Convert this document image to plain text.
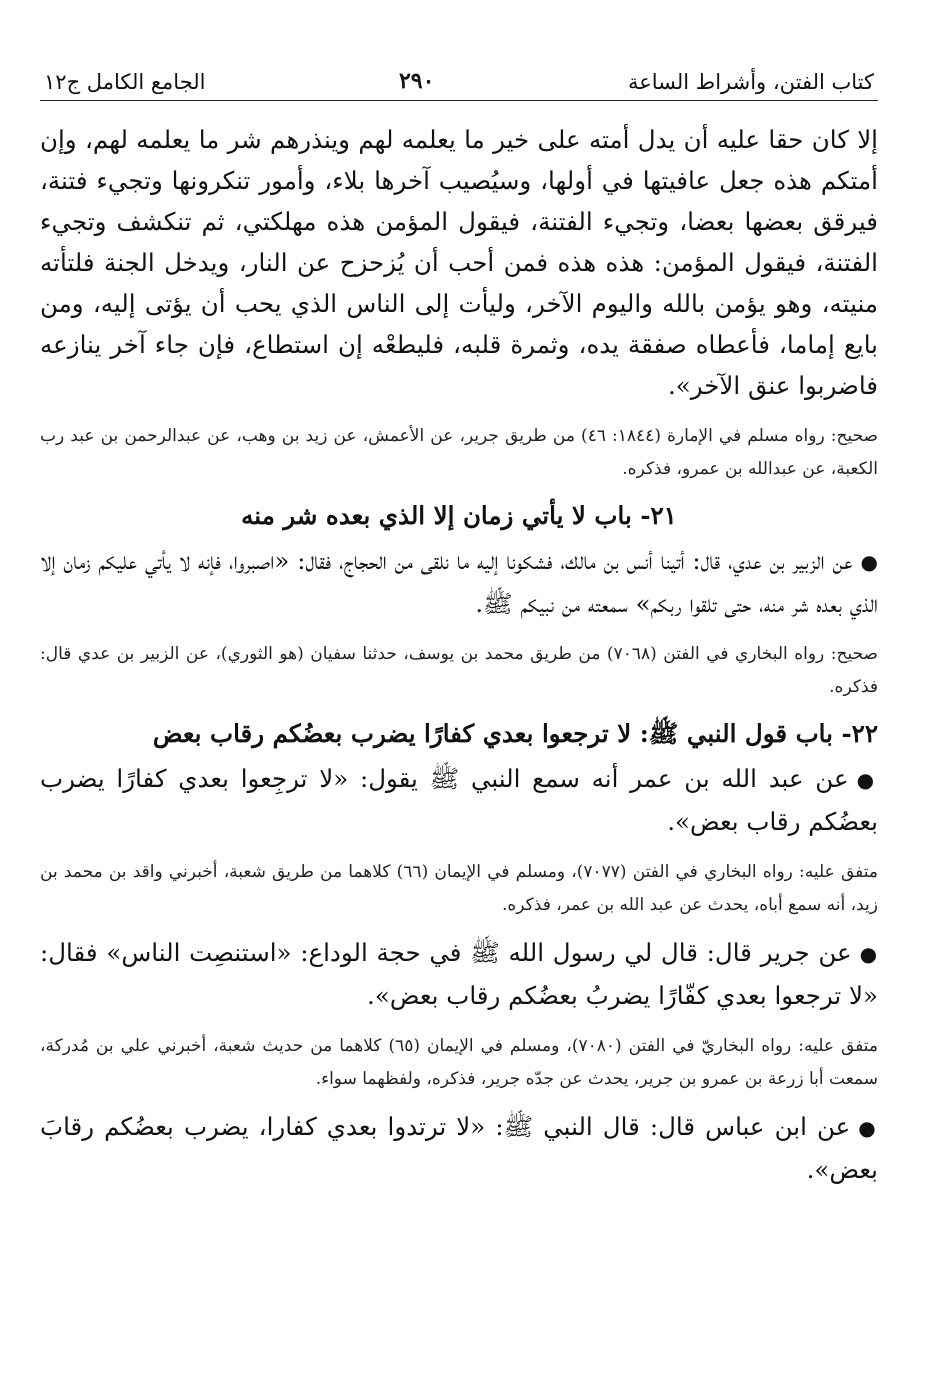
كتاب الفتن، وأشراط الساعة
٢٩٠
الجامع الكامل ج١٢

إلا كان حقا عليه أن يدل أمته على خير ما يعلمه لهم وينذرهم شر ما يعلمه لهم، وإن أمتكم هذه جعل عافيتها في أولها، وسيُصيب آخرها بلاء، وأمور تنكرونها وتجيء فتنة، فيرقق بعضها بعضا، وتجيء الفتنة، فيقول المؤمن هذه مهلكتي، ثم تنكشف وتجيء الفتنة، فيقول المؤمن: هذه هذه فمن أحب أن يُزحزح عن النار، ويدخل الجنة فلتأته منيته، وهو يؤمن بالله واليوم الآخر، وليأت إلى الناس الذي يحب أن يؤتى إليه، ومن بايع إماما، فأعطاه صفقة يده، وثمرة قلبه، فليطعْه إن استطاع، فإن جاء آخر ينازعه فاضربوا عنق الآخر».

صحيح: رواه مسلم في الإمارة (١٨٤٤: ٤٦) من طريق جرير، عن الأعمش، عن زيد بن وهب، عن عبدالرحمن بن عبد رب الكعبة، عن عبدالله بن عمرو، فذكره.

٢١- باب لا يأتي زمان إلا الذي بعده شر منه

●عن الزبير بن عدي، قال: أتينا أنس بن مالك، فشكونا إليه ما نلقى من الحجاج، فقال: «اصبروا، فإنه لا يأتي عليكم زمان إلا الذي بعده شر منه، حتى تلقوا ربكم» سمعته من نبيكم ﷺ.

صحيح: رواه البخاري في الفتن (٧٠٦٨) من طريق محمد بن يوسف، حدثنا سفيان (هو الثوري)، عن الزبير بن عدي قال: فذكره.

٢٢- باب قول النبي ﷺ: لا ترجعوا بعدي كفارًا يضرب بعضُكم رقاب بعض

●عن عبد الله بن عمر أنه سمع النبي ﷺ يقول: «لا ترجِعوا بعدي كفارًا يضرب بعضُكم رقاب بعض».

متفق عليه: رواه البخاري في الفتن (٧٠٧٧)، ومسلم في الإيمان (٦٦) كلاهما من طريق شعبة، أخبرني واقد بن محمد بن زيد، أنه سمع أباه، يحدث عن عبد الله بن عمر، فذكره.

●عن جرير قال: قال لي رسول الله ﷺ في حجة الوداع: «استنصِت الناس» فقال: «لا ترجعوا بعدي كفّارًا يضربُ بعضُكم رقاب بعض».

متفق عليه: رواه البخاريّ في الفتن (٧٠٨٠)، ومسلم في الإيمان (٦٥) كلاهما من حديث شعبة، أخبرني علي بن مُدركة، سمعت أبا زرعة بن عمرو بن جرير، يحدث عن جدّه جرير، فذكره، ولفظهما سواء.

●عن ابن عباس قال: قال النبي ﷺ: «لا ترتدوا بعدي كفارا، يضرب بعضُكم رقابَ بعض».
